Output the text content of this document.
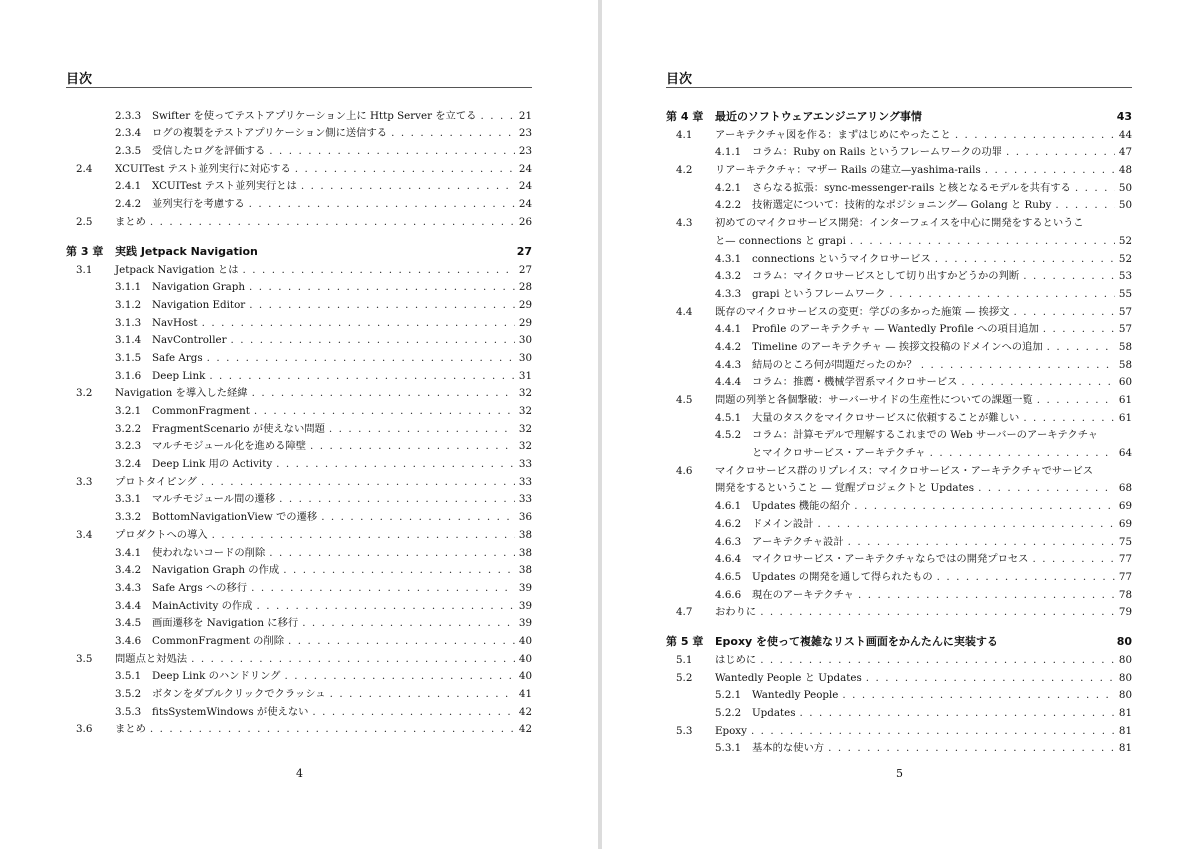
目次
2.3.3 Swifter を使ってテストアプリケーション上に Http Server を立てる . . .	21
2.3.4 ログの複製をテストアプリケーション側に送信する . . .	23
2.3.5 受信したログを評価する . . .	23
2.4 XCUITest テスト並列実行に対応する . . .	24
2.4.1 XCUITest テスト並列実行とは . . .	24
2.4.2 並列実行を考慮する . . .	24
2.5 まとめ . . .	26
第 3 章 実践 Jetpack Navigation	27
3.1 Jetpack Navigation とは . . .	27
3.1.1 Navigation Graph . . .	28
3.1.2 Navigation Editor . . .	29
3.1.3 NavHost . . .	29
3.1.4 NavController . . .	30
3.1.5 Safe Args . . .	30
3.1.6 Deep Link . . .	31
3.2 Navigation を導入した経緯 . . .	32
3.2.1 CommonFragment . . .	32
3.2.2 FragmentScenario が使えない問題 . . .	32
3.2.3 マルチモジュール化を進める障壁 . . .	32
3.2.4 Deep Link 用の Activity . . .	33
3.3 プロトタイピング . . .	33
3.3.1 マルチモジュール間の遷移 . . .	33
3.3.2 BottomNavigationView での遷移 . . .	36
3.4 プロダクトへの導入 . . .	38
3.4.1 使われないコードの削除 . . .	38
3.4.2 Navigation Graph の作成 . . .	38
3.4.3 Safe Args への移行 . . .	39
3.4.4 MainActivity の作成 . . .	39
3.4.5 画面遷移を Navigation に移行 . . .	39
3.4.6 CommonFragment の削除 . . .	40
3.5 問題点と対処法 . . .	40
3.5.1 Deep Link のハンドリング . . .	40
3.5.2 ボタンをダブルクリックでクラッシュ . . .	41
3.5.3 fitsSystemWindows が使えない . . .	42
3.6 まとめ . . .	42
4
目次
第 4 章 最近のソフトウェアエンジニアリング事情	43
4.1 アーキテクチャ図を作る：まずはじめにやったこと . . .	44
4.1.1 コラム：Ruby on Rails というフレームワークの功罪 . . .	47
4.2 リアーキテクチャ：マザー Rails の建立—yashima-rails . . .	48
4.2.1 さらなる拡張：sync-messenger-rails と核となるモデルを共有する . . .	50
4.2.2 技術選定について：技術的なポジショニング— Golang と Ruby . . .	50
4.3 初めてのマイクロサービス開発：インターフェイスを中心に開発をするというこ
と— connections と grapi . . .	52
4.3.1 connections というマイクロサービス . . .	52
4.3.2 コラム：マイクロサービスとして切り出すかどうかの判断 . . .	53
4.3.3 grapi というフレームワーク . . .	55
4.4 既存のマイクロサービスの変更：学びの多かった施策 — 挨拶文 . . .	57
4.4.1 Profile のアーキテクチャ — Wantedly Profile への項目追加 . . .	57
4.4.2 Timeline のアーキテクチャ — 挨拶文投稿のドメインへの追加 . . .	58
4.4.3 結局のところ何が問題だったのか？ . . .	58
4.4.4 コラム：推薦・機械学習系マイクロサービス . . .	60
4.5 問題の列挙と各個撃破：サーバーサイドの生産性についての課題一覧 . . .	61
4.5.1 大量のタスクをマイクロサービスに依頼することが難しい . . .	61
4.5.2 コラム：計算モデルで理解するこれまでの Web サーバーのアーキテクチャ
とマイクロサービス・アーキテクチャ . . .	64
4.6 マイクロサービス群のリプレイス：マイクロサービス・アーキテクチャでサービス
開発をするということ — 覚醒プロジェクトと Updates . . .	68
4.6.1 Updates 機能の紹介 . . .	69
4.6.2 ドメイン設計 . . .	69
4.6.3 アーキテクチャ設計 . . .	75
4.6.4 マイクロサービス・アーキテクチャならではの開発プロセス . . .	77
4.6.5 Updates の開発を通して得られたもの . . .	77
4.6.6 現在のアーキテクチャ . . .	78
4.7 おわりに . . .	79
第 5 章 Epoxy を使って複雑なリスト画面をかんたんに実装する	80
5.1 はじめに . . .	80
5.2 Wantedly People と Updates . . .	80
5.2.1 Wantedly People . . .	80
5.2.2 Updates . . .	81
5.3 Epoxy . . .	81
5.3.1 基本的な使い方 . . .	81
5
